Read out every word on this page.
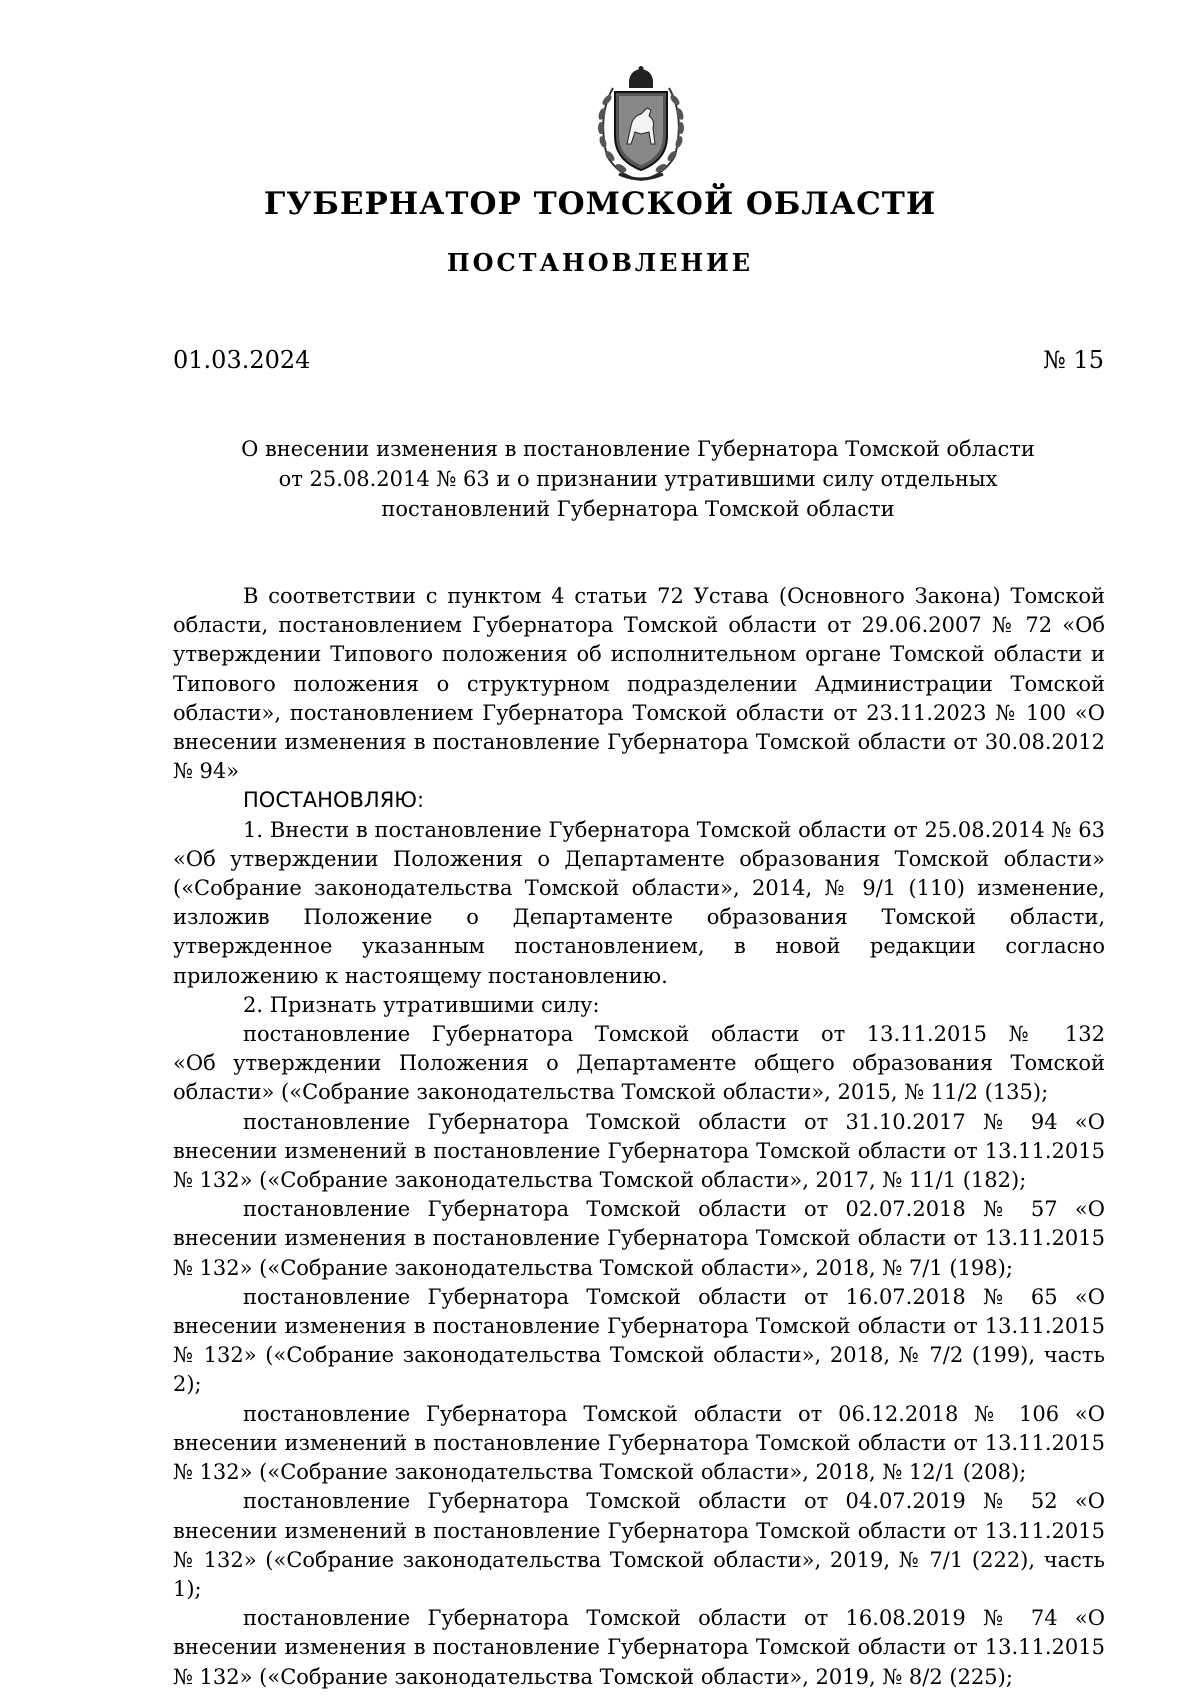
ГУБЕРНАТОР ТОМСКОЙ ОБЛАСТИ
ПОСТАНОВЛЕНИЕ
01.03.2024	№ 15
О внесении изменения в постановление Губернатора Томской области
от 25.08.2014 № 63 и о признании утратившими силу отдельных
постановлений Губернатора Томской области

В соответствии с пунктом 4 статьи 72 Устава (Основного Закона) Томской области, постановлением Губернатора Томской области от 29.06.2007 № 72 «Об утверждении Типового положения об исполнительном органе Томской области и Типового положения о структурном подразделении Администрации Томской области», постановлением Губернатора Томской области от 23.11.2023 № 100 «О внесении изменения в постановление Губернатора Томской области от 30.08.2012 № 94»

ПОСТАНОВЛЯЮ:

1. Внести в постановление Губернатора Томской области от 25.08.2014 № 63 «Об утверждении Положения о Департаменте образования Томской области» («Собрание законодательства Томской области», 2014, № 9/1 (110) изменение, изложив Положение о Департаменте образования Томской области, утвержденное указанным постановлением, в новой редакции согласно приложению к настоящему постановлению.

2. Признать утратившими силу:

постановление Губернатора Томской области от 13.11.2015 № 132

«Об утверждении Положения о Департаменте общего образования Томской области» («Собрание законодательства Томской области», 2015, № 11/2 (135);

постановление Губернатора Томской области от 31.10.2017 № 94 «О внесении изменений в постановление Губернатора Томской области от 13.11.2015 № 132» («Собрание законодательства Томской области», 2017, № 11/1 (182);

постановление Губернатора Томской области от 02.07.2018 № 57 «О внесении изменения в постановление Губернатора Томской области от 13.11.2015 № 132» («Собрание законодательства Томской области», 2018, № 7/1 (198);

постановление Губернатора Томской области от 16.07.2018 № 65 «О внесении изменения в постановление Губернатора Томской области от 13.11.2015 № 132» («Собрание законодательства Томской области», 2018, № 7/2 (199), часть 2);

постановление Губернатора Томской области от 06.12.2018 № 106 «О внесении изменений в постановление Губернатора Томской области от 13.11.2015 № 132» («Собрание законодательства Томской области», 2018, № 12/1 (208);

постановление Губернатора Томской области от 04.07.2019 № 52 «О внесении изменений в постановление Губернатора Томской области от 13.11.2015 № 132» («Собрание законодательства Томской области», 2019, № 7/1 (222), часть 1);

постановление Губернатора Томской области от 16.08.2019 № 74 «О внесении изменения в постановление Губернатора Томской области от 13.11.2015 № 132» («Собрание законодательства Томской области», 2019, № 8/2 (225);
